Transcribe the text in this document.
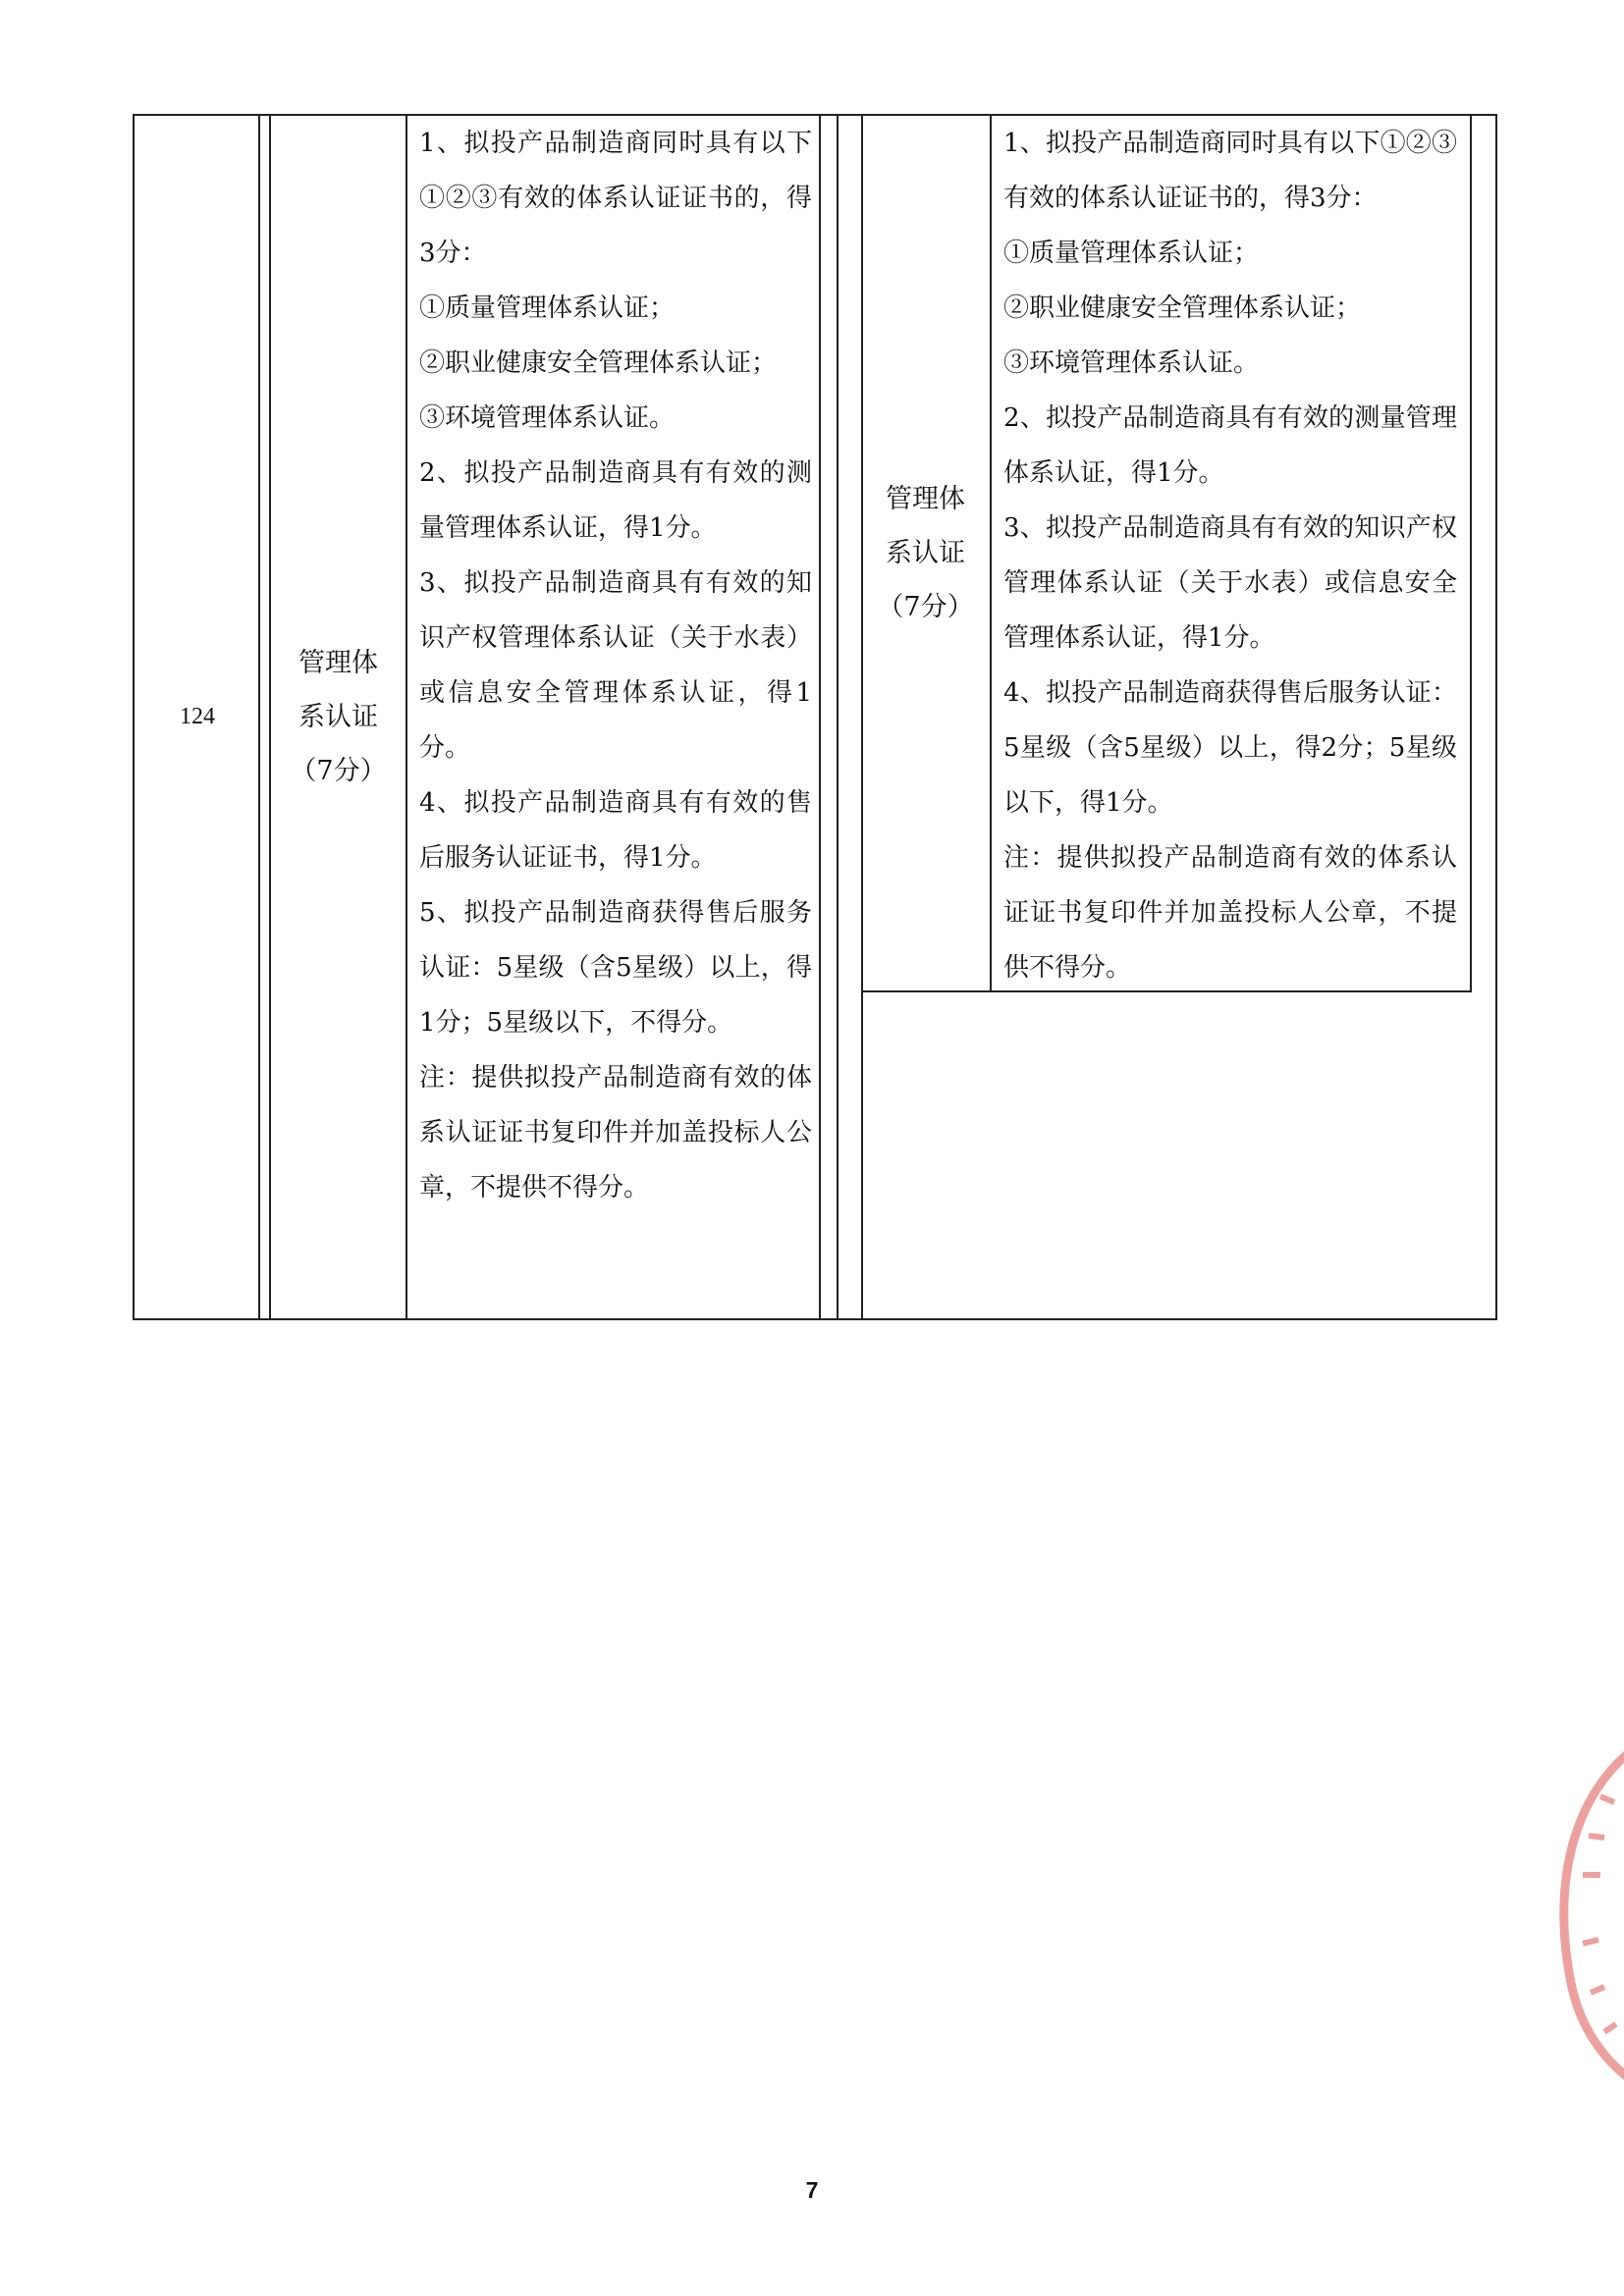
124
管理体
系认证
（7分）

1、拟投产品制造商同时具有以下①②③有效的体系认证证书的，得3分：

①质量管理体系认证；

②职业健康安全管理体系认证；

③环境管理体系认证。

2、拟投产品制造商具有有效的测量管理体系认证，得1分。

3、拟投产品制造商具有有效的知识产权管理体系认证（关于水表）或信息安全管理体系认证，得1分。

4、拟投产品制造商具有有效的售后服务认证证书，得1分。

5、拟投产品制造商获得售后服务认证：5星级（含5星级）以上，得1分；5星级以下，不得分。

注：提供拟投产品制造商有效的体系认证证书复印件并加盖投标人公章，不提供不得分。

管理体
系认证
（7分）

1、拟投产品制造商同时具有以下①②③有效的体系认证证书的，得3分：

①质量管理体系认证；

②职业健康安全管理体系认证；

③环境管理体系认证。

2、拟投产品制造商具有有效的测量管理体系认证，得1分。

3、拟投产品制造商具有有效的知识产权管理体系认证（关于水表）或信息安全管理体系认证，得1分。

4、拟投产品制造商获得售后服务认证：5星级（含5星级）以上，得2分；5星级以下，得1分。

注：提供拟投产品制造商有效的体系认证证书复印件并加盖投标人公章，不提供不得分。

7
